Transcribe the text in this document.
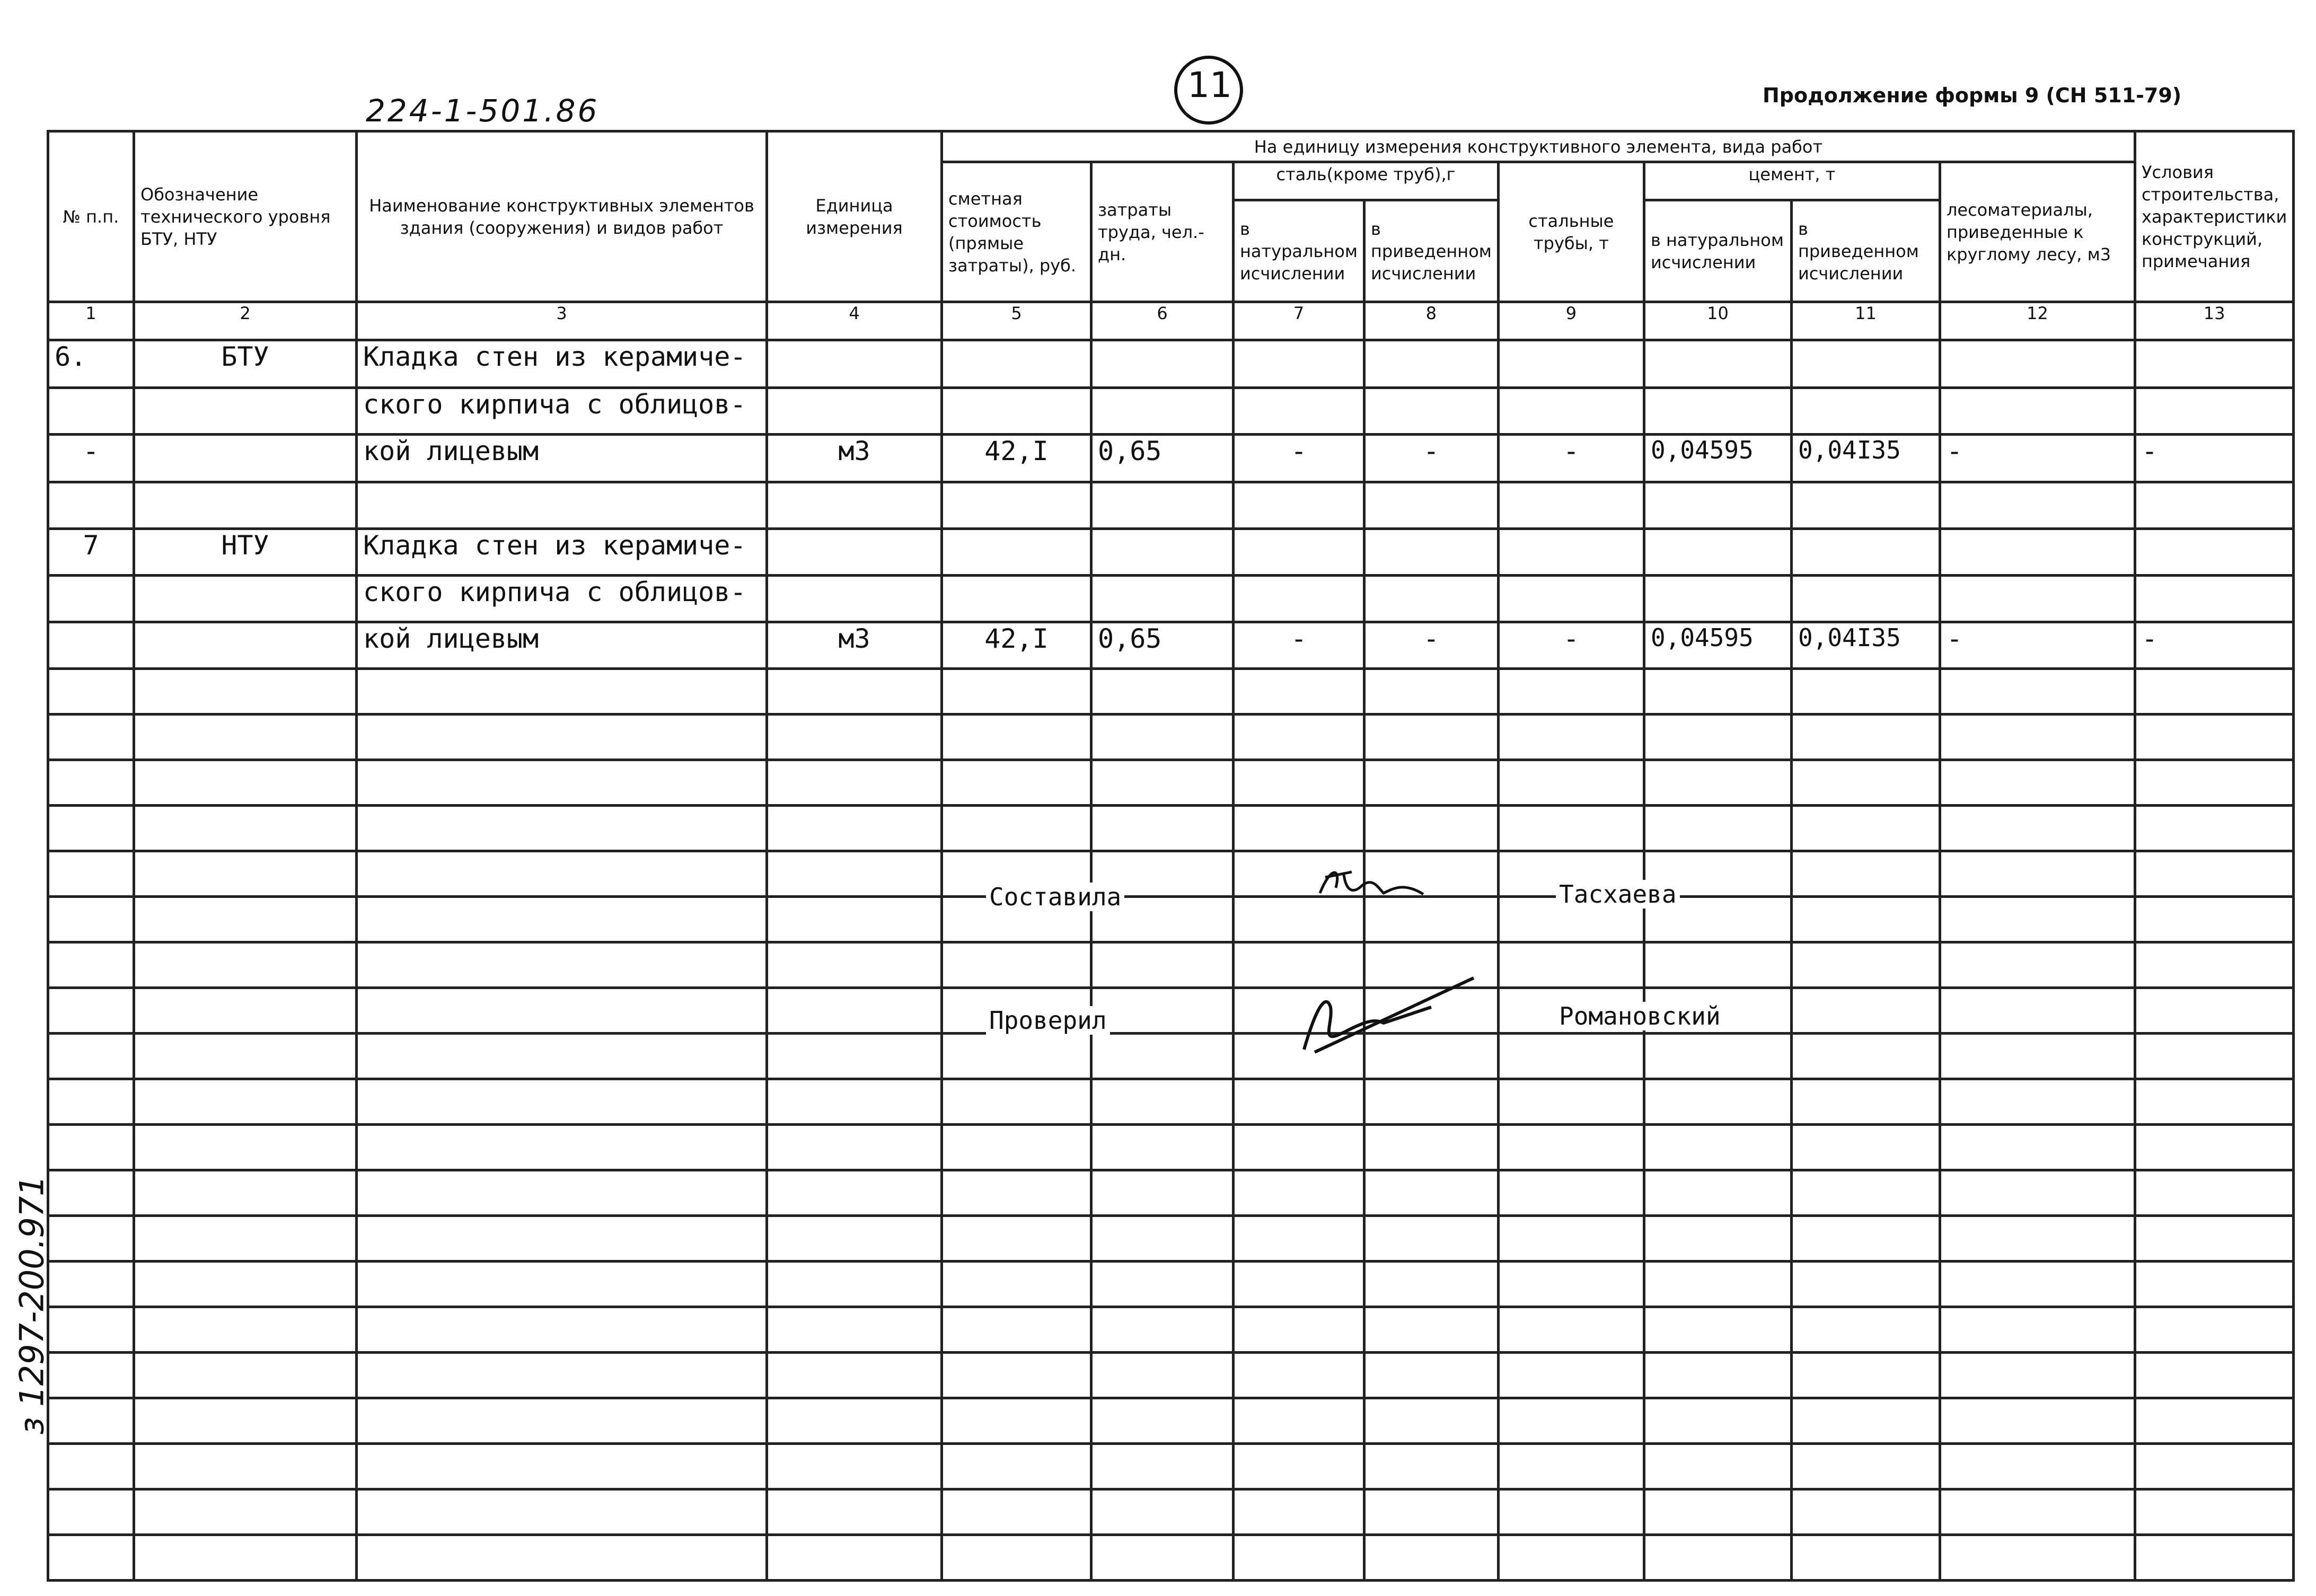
224-1-501.86
11	Продолжение формы 9 (СН 511-79)
з 1297-200.971
№ п.п.	Обозначение технического уровня БТУ, НТУ	Наименование конструктивных элементов здания (сооружения) и видов работ	Единица измерения	На единицу измерения конструктивного элемента, вида работ								Условия строительства, характеристики конструкций, примечания
				сметная стоимость (прямые затраты), руб.	затраты труда, чел.-дн.	сталь(кроме труб),г		стальные трубы, т	цемент, т		лесоматериалы, приведенные к круглому лесу, м3	
						в натуральном исчислении	в приведенном исчислении		в натуральном исчислении	в приведенном исчислении		
1	2	3	4	5	6	7	8	9	10	11	12	13
6.	БТУ	Кладка стен из керамиче-										
		ского кирпича с облицов-										
-		кой лицевым	м3	42,I	0,65	-	-	-	0,04595	0,04I35	-	-

7	НТУ	Кладка стен из керамиче-										
		ского кирпича с облицов-										
		кой лицевым	м3	42,I	0,65	-	-	-	0,04595	0,04I35	-	-

Составила	Тасхаева
Проверил	Романовский
